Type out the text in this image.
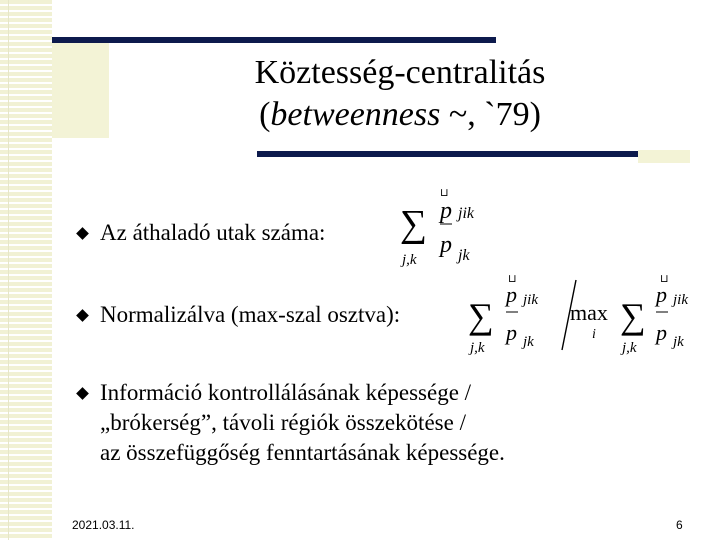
Köztesség-centralitás
(betweenness ~, `79)
Az áthaladó utak száma: ∑
j,k
⊔
p jik
p jk
Normalizálva (max-szal osztva): ∑
j,k
⊔
p jik
p jk
max
i ∑
j,k
⊔
p jik
p jk
Információ kontrollálásának képessége /
„brókerség”, távoli régiók összekötése /
az összefüggőség fenntartásának képessége.
2021.03.11.	6
